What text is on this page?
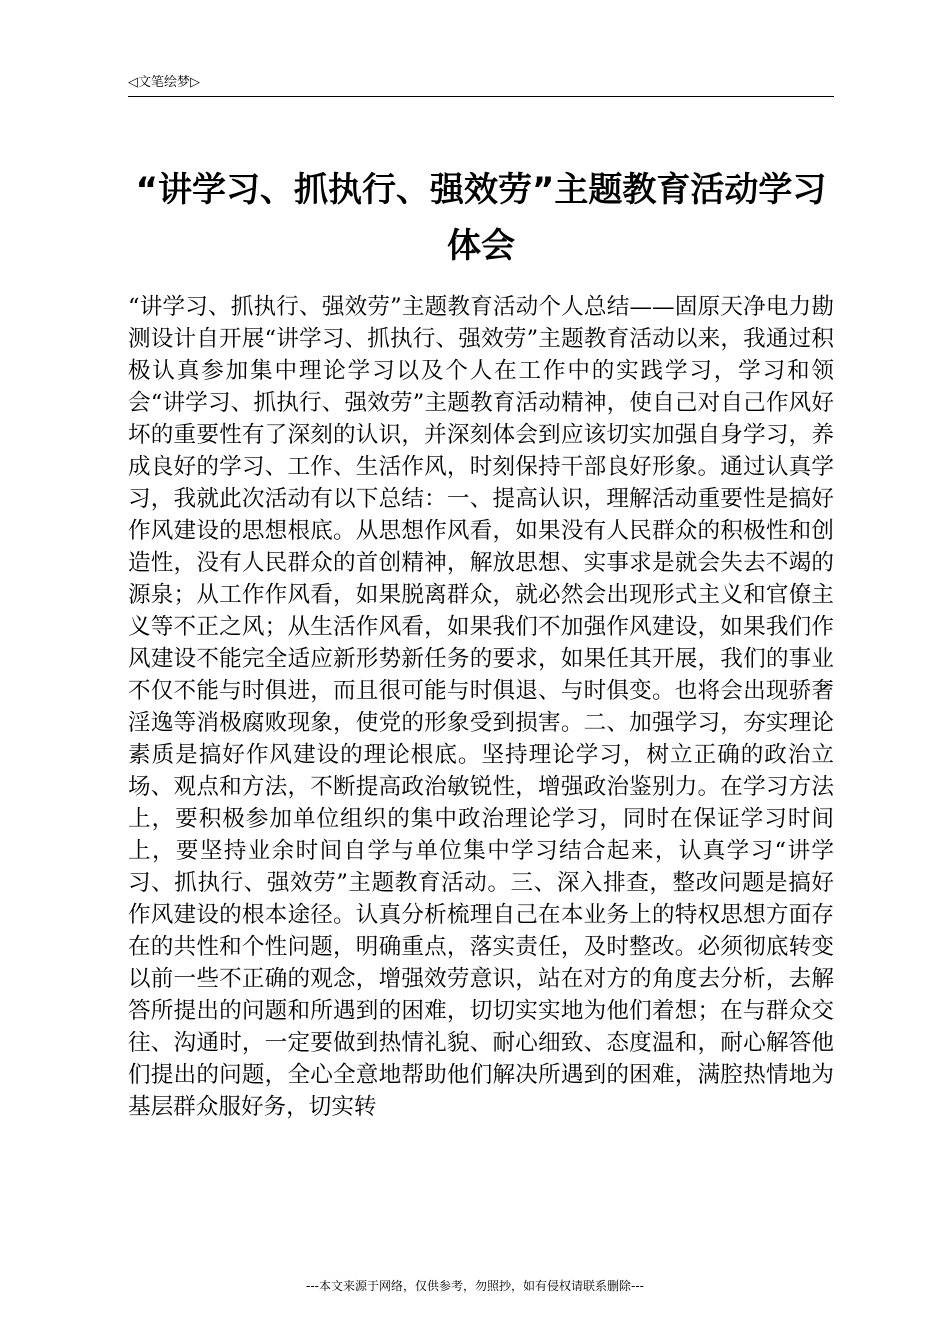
◁文笔绘梦▷
“讲学习、抓执行、强效劳”主题教育活动学习体会
“讲学习、抓执行、强效劳”主题教育活动个人总结——固原天净电力勘测设计自开展“讲学习、抓执行、强效劳”主题教育活动以来，我通过积极认真参加集中理论学习以及个人在工作中的实践学习，学习和领会“讲学习、抓执行、强效劳”主题教育活动精神，使自己对自己作风好坏的重要性有了深刻的认识，并深刻体会到应该切实加强自身学习，养成良好的学习、工作、生活作风，时刻保持干部良好形象。通过认真学习，我就此次活动有以下总结：一、提高认识，理解活动重要性是搞好作风建设的思想根底。从思想作风看，如果没有人民群众的积极性和创造性，没有人民群众的首创精神，解放思想、实事求是就会失去不竭的源泉；从工作作风看，如果脱离群众，就必然会出现形式主义和官僚主义等不正之风；从生活作风看，如果我们不加强作风建设，如果我们作风建设不能完全适应新形势新任务的要求，如果任其开展，我们的事业不仅不能与时俱进，而且很可能与时俱退、与时俱变。也将会出现骄奢淫逸等消极腐败现象，使党的形象受到损害。二、加强学习，夯实理论素质是搞好作风建设的理论根底。坚持理论学习，树立正确的政治立场、观点和方法，不断提高政治敏锐性，增强政治鉴别力。在学习方法上，要积极参加单位组织的集中政治理论学习，同时在保证学习时间上，要坚持业余时间自学与单位集中学习结合起来，认真学习“讲学习、抓执行、强效劳”主题教育活动。三、深入排查，整改问题是搞好作风建设的根本途径。认真分析梳理自己在本业务上的特权思想方面存在的共性和个性问题，明确重点，落实责任，及时整改。必须彻底转变以前一些不正确的观念，增强效劳意识，站在对方的角度去分析，去解答所提出的问题和所遇到的困难，切切实实地为他们着想；在与群众交往、沟通时，一定要做到热情礼貌、耐心细致、态度温和，耐心解答他们提出的问题，全心全意地帮助他们解决所遇到的困难，满腔热情地为基层群众服好务，切实转
---本文来源于网络，仅供参考，勿照抄，如有侵权请联系删除---
